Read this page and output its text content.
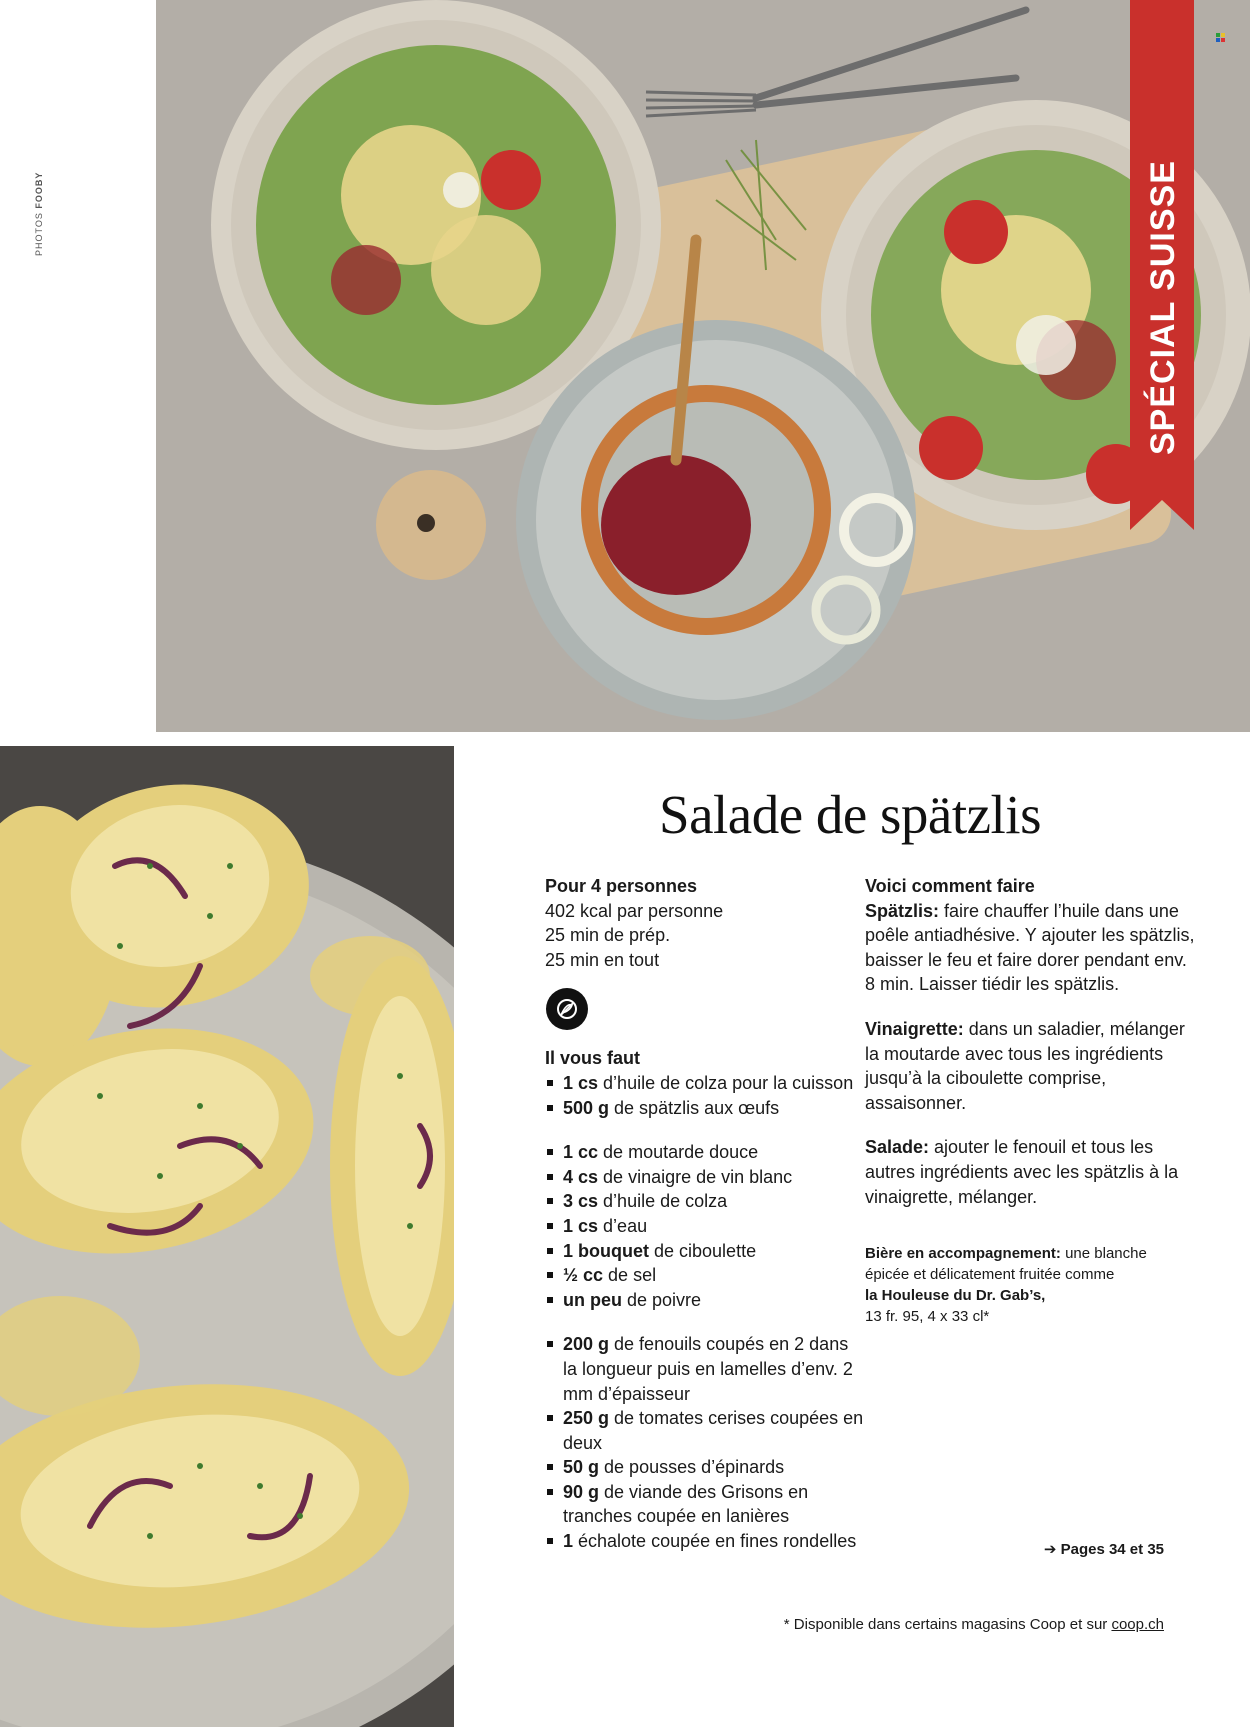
PHOTOS FOOBY	SPÉCIAL SUISSE
Salade de spätzlis
Pour 4 personnes
402 kcal par personne
25 min de prép.
25 min en tout
Il vous faut
1 cs d’huile de colza pour la cuisson
500 g de spätzlis aux œufs
1 cc de moutarde douce
4 cs de vinaigre de vin blanc
3 cs d’huile de colza
1 cs d’eau
1 bouquet de ciboulette
½ cc de sel
un peu de poivre
200 g de fenouils coupés en 2 dans la longueur puis en lamelles d’env. 2 mm d’épaisseur
250 g de tomates cerises coupées en deux
50 g de pousses d’épinards
90 g de viande des Grisons en tranches coupée en lanières
1 échalote coupée en fines rondelles
Voici comment faire
Spätzlis: faire chauffer l’huile dans une poêle antiadhésive. Y ajouter les spätzlis, baisser le feu et faire dorer pendant env. 8 min. Laisser tiédir les spätzlis.
Vinaigrette: dans un saladier, mélanger la moutarde avec tous les ingrédients jusqu’à la ciboulette comprise, assaisonner.
Salade: ajouter le fenouil et tous les autres ingrédients avec les spätzlis à la vinaigrette, mélanger.
Bière en accompagnement: une blanche épicée et délicatement fruitée comme
la Houleuse du Dr. Gab’s,
13 fr. 95, 4 x 33 cl*
➔ Pages 34 et 35
* Disponible dans certains magasins Coop et sur coop.ch
